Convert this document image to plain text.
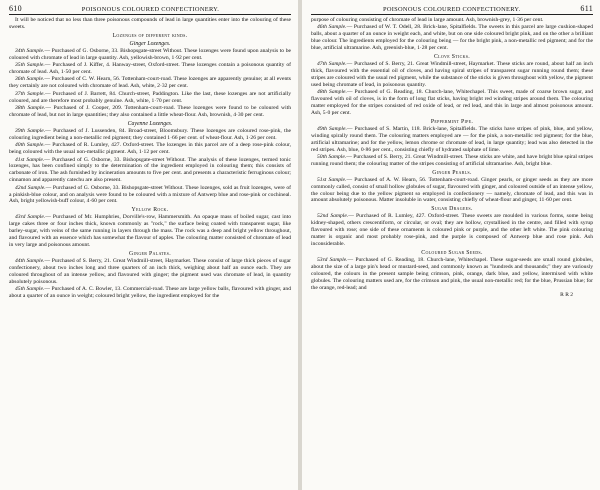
610	POISONOUS COLOURED CONFECTIONERY.

It will be noticed that no less than three poisonous compounds of lead in large quantities enter into the colouring of these sweets.

Lozenges of different kinds.
Ginger Lozenges.

34th Sample.— Purchased of G. Osborne, 33. Bishopsgate-street Without. These lozenges were found upon analysis to be coloured with chromate of lead in large quantity. Ash, yellowish-brown, 1·92 per cent.

35th Sample.— Purchased of J. Kiffer, 4. Hanway-street, Oxford-street. These lozenges contain a poisonous quantity of chromate of lead. Ash, 1·50 per cent.

36th Sample.— Purchased of C. W. Hearn, 56. Tottenham-court-road. These lozenges are apparently genuine; at all events they certainly are not coloured with chromate of lead. Ash, white, 2·32 per cent.

37th Sample.— Purchased of J. Barrett, 84. Church-street, Paddington. Like the last, these lozenges are not artificially coloured, and are therefore most probably genuine. Ash, white, 1·70 per cent.

38th Sample.— Purchased of J. Cooper, 209. Tottenham-court-road. These lozenges were found to be coloured with chromate of lead, but not in large quantities; they also contained a little wheat-flour. Ash, brownish, 4·30 per cent.

Cayenne Lozenges.

39th Sample.— Purchased of J. Lussenden, 84. Broad-street, Bloomsbury. These lozenges are coloured rose-pink, the colouring ingredient being a non-metallic red pigment; they contained 1·66 per cent. of wheat-flour. Ash, 1·26 per cent.

40th Sample.— Purchased of R. Lumley, 427. Oxford-street. The lozenges in this parcel are of a deep rose-pink colour, being coloured with the usual non-metallic pigment. Ash, 1·12 per cent.

41st Sample.— Purchased of G. Osborne, 33. Bishopsgate-street Without. The analysis of these lozenges, termed tonic lozenges, has been confined simply to the determination of the ingredient employed in colouring them; this consists of carbonate of iron. The ash furnished by incineration amounts to five per cent. and presents a characteristic ferruginous colour; cinnamon and apparently catechu are also present.

42nd Sample.— Purchased of G. Osborne, 33. Bishopsgate-street Without. These lozenges, sold as fruit lozenges, were of a pinkish-blue colour, and on analysis were found to be coloured with a mixture of Antwerp blue and rose-pink or cochineal. Ash, bright yellowish-buff colour, 4·60 per cent.

Yellow Rock.

43rd Sample.— Purchased of Mr. Humphries, Dorville's-row, Hammersmith. An opaque mass of boiled sugar, cast into large cakes three or four inches thick, known commonly as "rock," the surface being coated with transparent sugar, like barley-sugar, with veins of the same running in layers through the mass. The rock was a deep and bright yellow throughout, and flavoured with an essence which has somewhat the flavour of apples. The colouring matter consisted of chromate of lead in very large and poisonous amount.

Ginger Palates.

44th Sample.— Purchased of S. Berry, 21. Great Windmill-street, Haymarket. These consist of large thick pieces of sugar confectionery, about two inches long and three quarters of an inch thick, weighing about half an ounce each. They are coloured throughout of an intense yellow, and flavoured with ginger; the pigment used was chromate of lead, in quantity absolutely poisonous.

45th Sample.— Purchased of A. C. Bowler, 13. Commercial-road. These are large yellow balls, flavoured with ginger, and about a quarter of an ounce in weight; coloured bright yellow, the ingredient employed for the

POISONOUS COLOURED CONFECTIONERY.	611

purpose of colouring consisting of chromate of lead in large amount. Ash, brownish-grey, 1·36 per cent.

46th Sample.— Purchased of W. T. Odell, 28. Brick-lane, Spitalfields. The sweets in this parcel are large cushion-shaped balls, about a quarter of an ounce in weight each, and white, but on one side coloured bright pink, and on the other a brilliant blue colour. The ingredients employed for the colouring being — for the bright pink, a non-metallic red pigment; and for the blue, artificial ultramarine. Ash, greenish-blue, 1·28 per cent.

Clove Sticks.

47th Sample.— Purchased of S. Berry, 21. Great Windmill-street, Haymarket. These sticks are round, about half an inch thick, flavoured with the essential oil of cloves, and having spiral stripes of transparent sugar running round them; these stripes are coloured with the usual red pigment, while the substance of the sticks is given throughout with yellow, the pigment used being chromate of lead, in poisonous quantity.

48th Sample.— Purchased of G. Reading, 18. Church-lane, Whitechapel. This sweet, made of coarse brown sugar, and flavoured with oil of cloves, is in the form of long flat sticks, having bright red winding stripes around them. The colouring matter employed for the stripes consisted of red oxide of lead, or red lead, and this in large and almost poisonous amount. Ash, 5·0 per cent.

Peppermint Pipe.

49th Sample.— Purchased of S. Martin, 118. Brick-lane, Spitalfields. The sticks have stripes of pink, blue, and yellow, winding spirally round them. The colouring matters employed are — for the pink, a non-metallic red pigment; for the blue, artificial ultramarine; and for the yellow, lemon chrome or chromate of lead, in large quantity; lead was also detected in the red stripes. Ash, blue, 0·86 per cent., consisting chiefly of hydrated sulphate of lime.

50th Sample.— Purchased of S. Berry, 21. Great Windmill-street. These sticks are white, and have bright blue spiral stripes running round them; the colouring matter of the stripes consisting of artificial ultramarine. Ash, bright blue.

Ginger Pearls.

51st Sample.— Purchased of A. W. Hearn, 56. Tottenham-court-road. Ginger pearls, or ginger seeds as they are more commonly called, consist of small hollow globules of sugar, flavoured with ginger, and coloured outside of an intense yellow, the colour being due to the yellow pigment so employed in confectionery — namely, chromate of lead, and this was in amount absolutely poisonous. Matter insoluble in water, consisting chiefly of wheat-flour and ginger, 11·60 per cent.

Sugar Dragees.

52nd Sample.— Purchased of R. Lumley, 427. Oxford-street. These sweets are moulded in various forms, some being kidney-shaped, others crescentiform, or circular, or oval; they are hollow, crystallised in the centre, and filled with syrup flavoured with rose; one side of these ornaments is coloured pink or purple, and the other left white. The pink colouring matter is organic and most probably rose-pink, and the purple is composed of Antwerp blue and rose pink. Ash inconsiderable.

Coloured Sugar Seeds.

53rd Sample.— Purchased of G. Reading, 18. Church-lane, Whitechapel. These sugar-seeds are small round globules, about the size of a large pin's head or mustard-seed, and commonly known as "hundreds and thousands;" they are variously coloured, the colours in the present sample being crimson, pink, orange, dark blue, and yellow, intermixed with white globules. The colouring matters used are, for the crimson and pink, the usual non-metallic red; for the blue, Prussian blue; for the orange, red-lead; and

R R 2
